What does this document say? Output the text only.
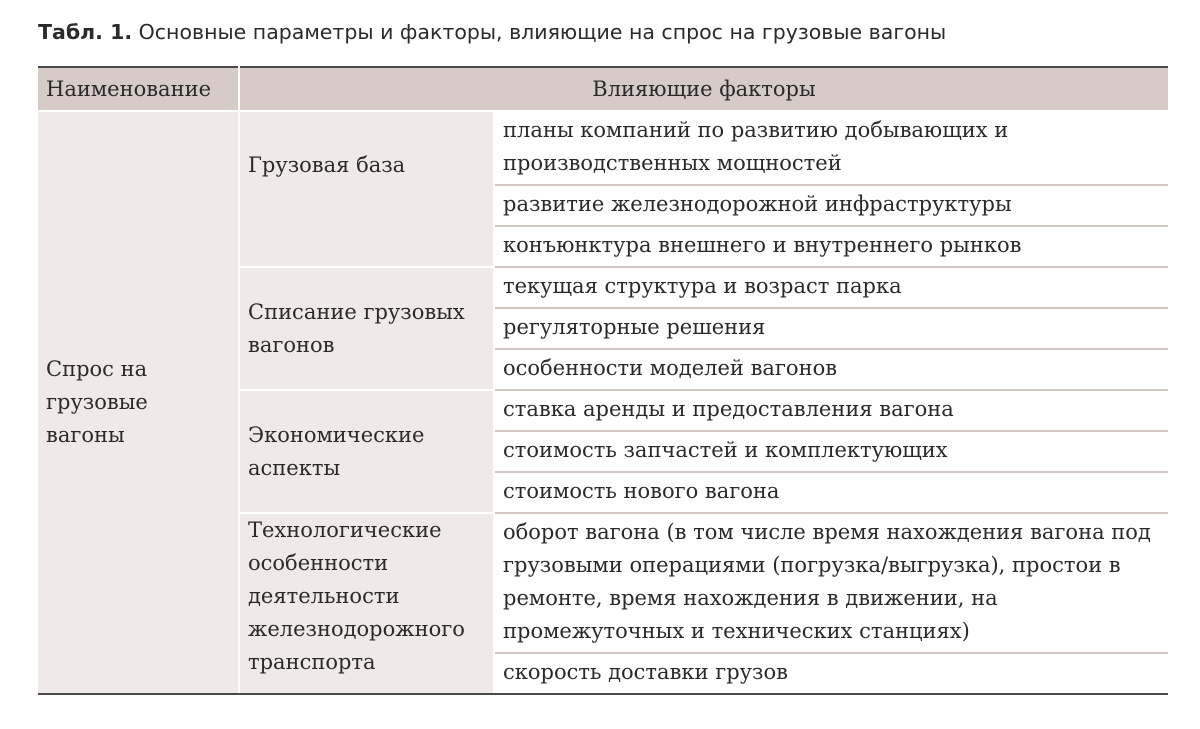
Табл. 1. Основные параметры и факторы, влияющие на спрос на грузовые вагоны
Наименование	Влияющие факторы	

Спрос на грузовые вагоны	Грузовая база	планы компаний по развитию добывающих и производственных мощностей
		развитие железнодорожной инфраструктуры
		конъюнктура внешнего и внутреннего рынков

	Списание грузовых вагонов	текущая структура и возраст парка
		регуляторные решения
		особенности моделей вагонов

	Экономические аспекты	ставка аренды и предоставления вагона
		стоимость запчастей и комплектующих
		стоимость нового вагона

	Технологические особенности деятельности железнодорожного транспорта	оборот вагона (в том числе время нахождения вагона под грузовыми операциями (погрузка/выгрузка), простои в ремонте, время нахождения в движении, на промежуточных и технических станциях)
		скорость доставки грузов
